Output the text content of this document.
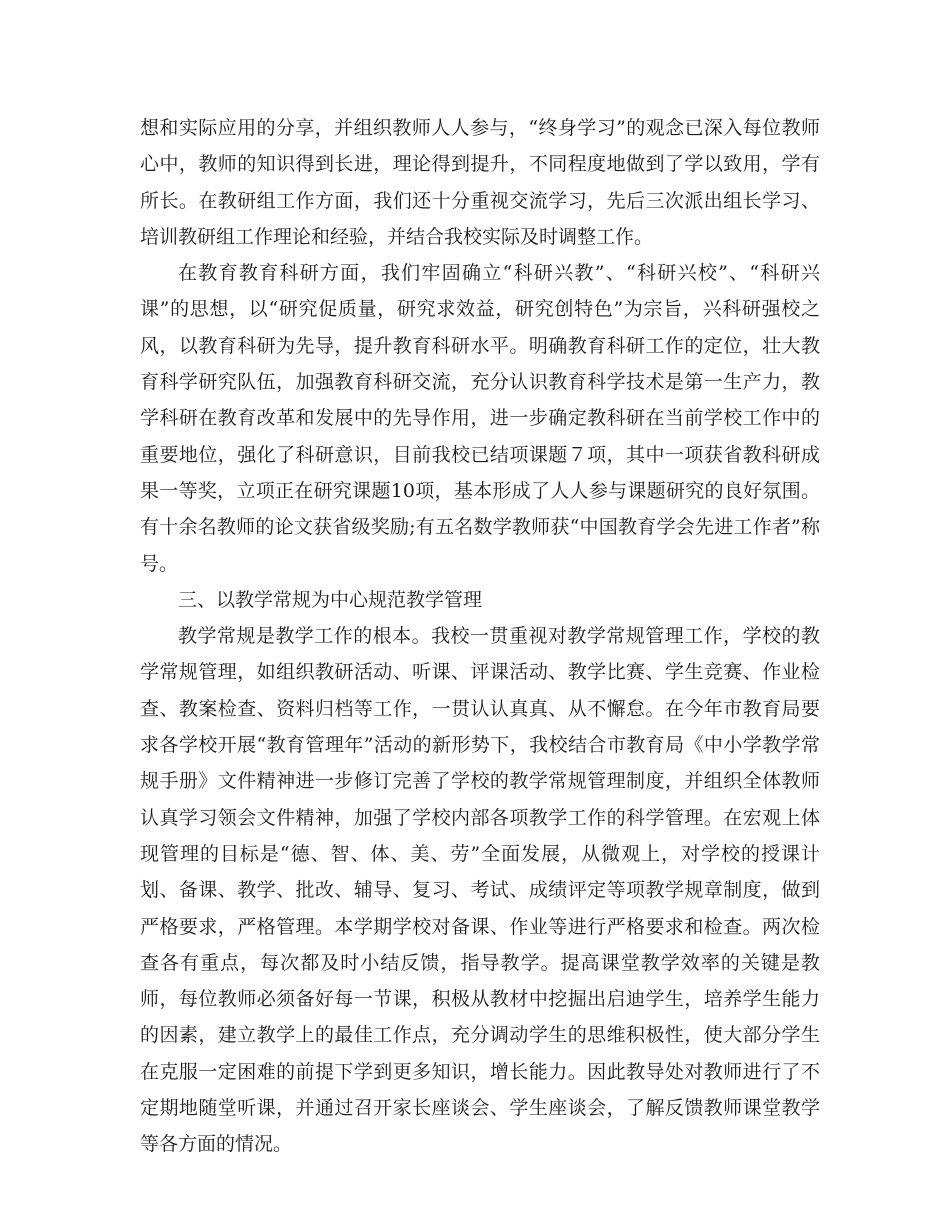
想和实际应用的分享，并组织教师人人参与，“终身学习”的观念已深入每位教师心中，教师的知识得到长进，理论得到提升，不同程度地做到了学以致用，学有所长。在教研组工作方面，我们还十分重视交流学习，先后三次派出组长学习、培训教研组工作理论和经验，并结合我校实际及时调整工作。

在教育教育科研方面，我们牢固确立“科研兴教”、“科研兴校”、“科研兴课”的思想，以“研究促质量，研究求效益，研究创特色”为宗旨，兴科研强校之风，以教育科研为先导，提升教育科研水平。明确教育科研工作的定位，壮大教育科学研究队伍，加强教育科研交流，充分认识教育科学技术是第一生产力，教学科研在教育改革和发展中的先导作用，进一步确定教科研在当前学校工作中的重要地位，强化了科研意识，目前我校已结项课题７项，其中一项获省教科研成果一等奖，立项正在研究课题10项，基本形成了人人参与课题研究的良好氛围。有十余名教师的论文获省级奖励;有五名数学教师获“中国教育学会先进工作者”称号。

三、以教学常规为中心规范教学管理

教学常规是教学工作的根本。我校一贯重视对教学常规管理工作，学校的教学常规管理，如组织教研活动、听课、评课活动、教学比赛、学生竞赛、作业检查、教案检查、资料归档等工作，一贯认认真真、从不懈怠。在今年市教育局要求各学校开展“教育管理年”活动的新形势下，我校结合市教育局《中小学教学常规手册》文件精神进一步修订完善了学校的教学常规管理制度，并组织全体教师认真学习领会文件精神，加强了学校内部各项教学工作的科学管理。在宏观上体现管理的目标是“德、智、体、美、劳”全面发展，从微观上，对学校的授课计划、备课、教学、批改、辅导、复习、考试、成绩评定等项教学规章制度，做到严格要求，严格管理。本学期学校对备课、作业等进行严格要求和检查。两次检查各有重点，每次都及时小结反馈，指导教学。提高课堂教学效率的关键是教师，每位教师必须备好每一节课，积极从教材中挖掘出启迪学生，培养学生能力的因素，建立教学上的最佳工作点，充分调动学生的思维积极性，使大部分学生在克服一定困难的前提下学到更多知识，增长能力。因此教导处对教师进行了不定期地随堂听课，并通过召开家长座谈会、学生座谈会，了解反馈教师课堂教学等各方面的情况。
